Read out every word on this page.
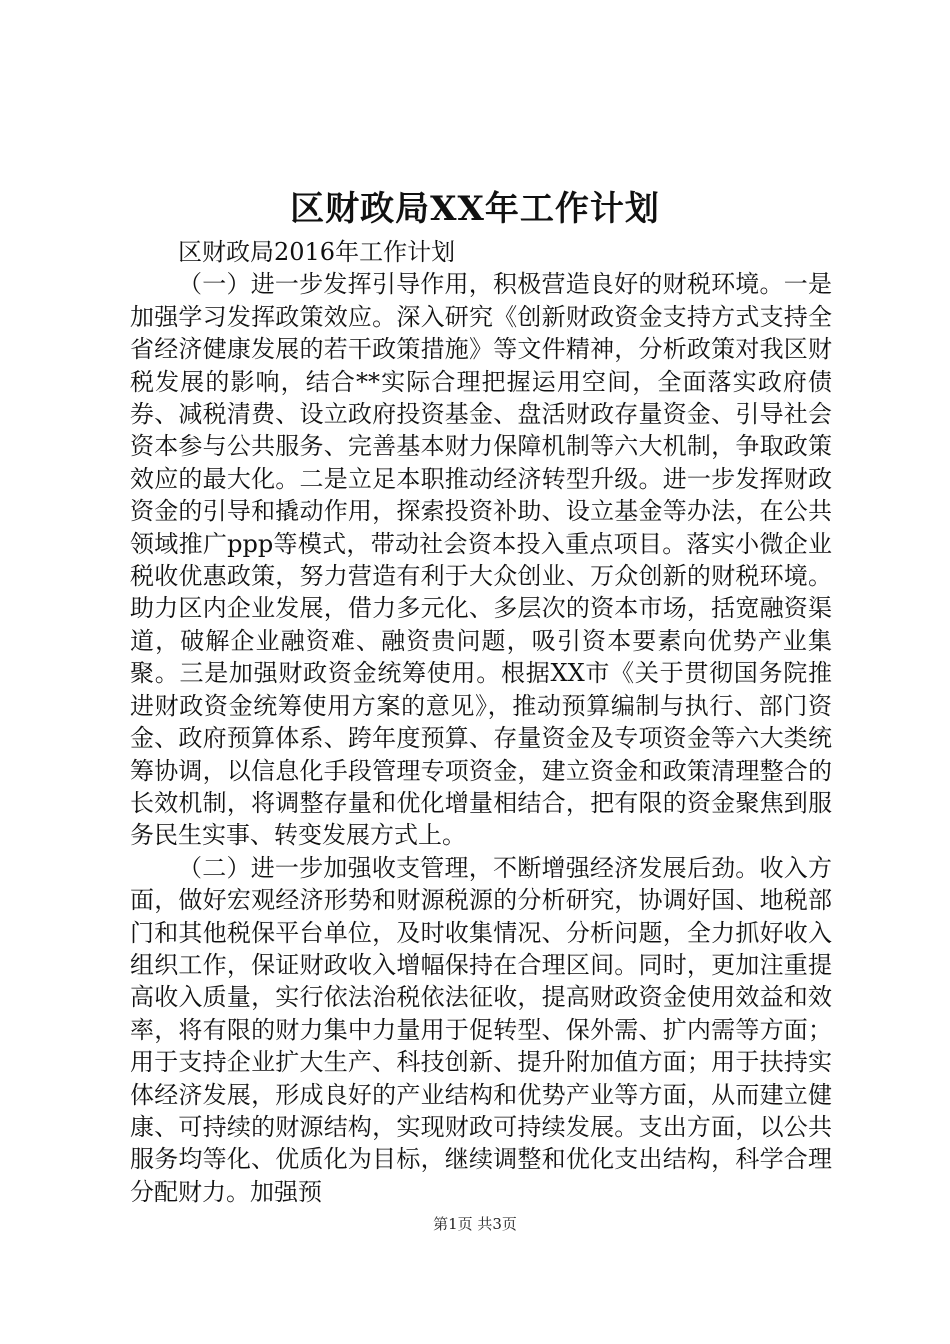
区财政局XX年工作计划

区财政局2016年工作计划

（一）进一步发挥引导作用，积极营造良好的财税环境。一是加强学习发挥政策效应。深入研究《创新财政资金支持方式支持全省经济健康发展的若干政策措施》等文件精神，分析政策对我区财税发展的影响，结合**实际合理把握运用空间，全面落实政府债券、减税清费、设立政府投资基金、盘活财政存量资金、引导社会资本参与公共服务、完善基本财力保障机制等六大机制，争取政策效应的最大化。二是立足本职推动经济转型升级。进一步发挥财政资金的引导和撬动作用，探索投资补助、设立基金等办法，在公共领域推广ppp等模式，带动社会资本投入重点项目。落实小微企业税收优惠政策，努力营造有利于大众创业、万众创新的财税环境。助力区内企业发展，借力多元化、多层次的资本市场，括宽融资渠道，破解企业融资难、融资贵问题，吸引资本要素向优势产业集聚。三是加强财政资金统筹使用。根据XX市《关于贯彻国务院推进财政资金统筹使用方案的意见》，推动预算编制与执行、部门资金、政府预算体系、跨年度预算、存量资金及专项资金等六大类统筹协调，以信息化手段管理专项资金，建立资金和政策清理整合的长效机制，将调整存量和优化增量相结合，把有限的资金聚焦到服务民生实事、转变发展方式上。

（二）进一步加强收支管理，不断增强经济发展后劲。收入方面，做好宏观经济形势和财源税源的分析研究，协调好国、地税部门和其他税保平台单位，及时收集情况、分析问题，全力抓好收入组织工作，保证财政收入增幅保持在合理区间。同时，更加注重提高收入质量，实行依法治税依法征收，提高财政资金使用效益和效率，将有限的财力集中力量用于促转型、保外需、扩内需等方面；用于支持企业扩大生产、科技创新、提升附加值方面；用于扶持实体经济发展，形成良好的产业结构和优势产业等方面，从而建立健康、可持续的财源结构，实现财政可持续发展。支出方面，以公共服务均等化、优质化为目标，继续调整和优化支出结构，科学合理分配财力。加强预

第1页 共3页
